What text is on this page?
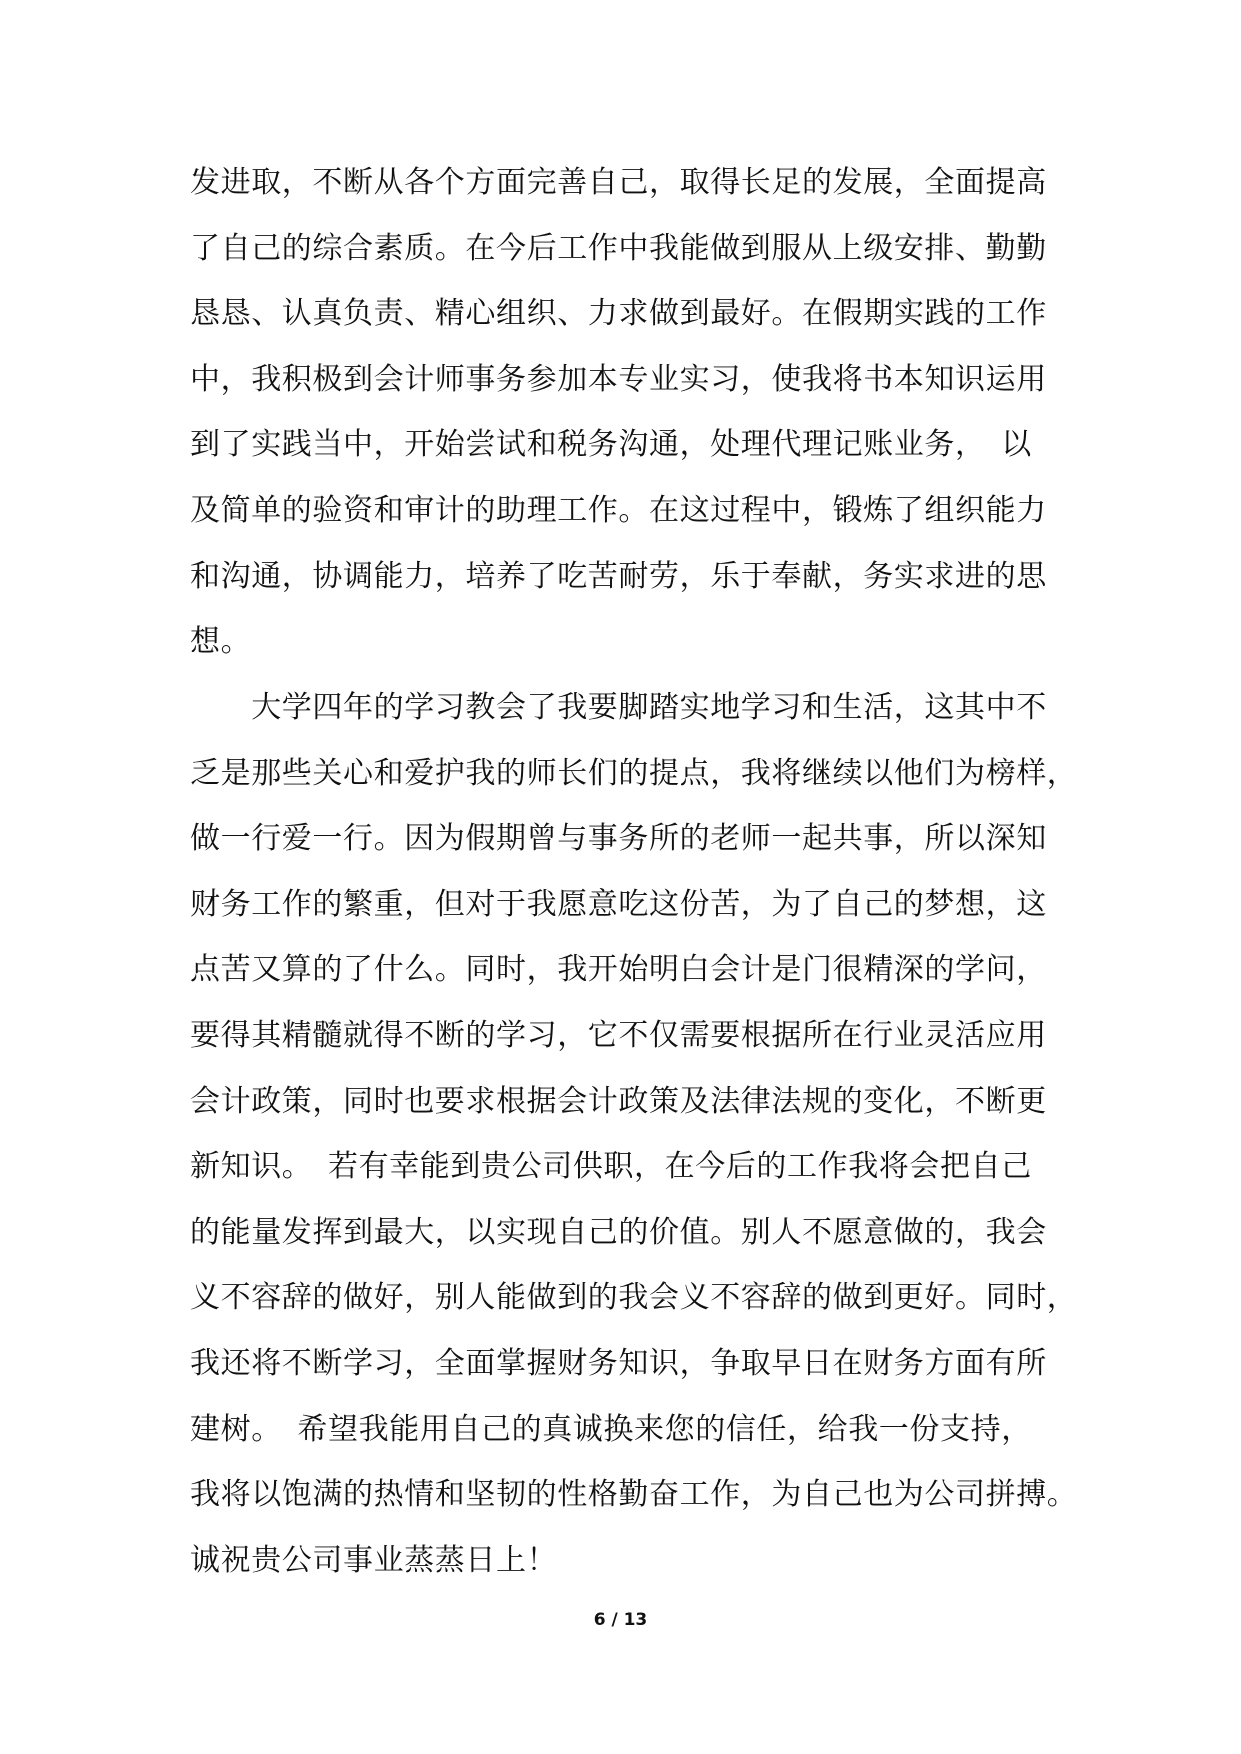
发进取，不断从各个方面完善自己，取得长足的发展，全面提高
了自己的综合素质。在今后工作中我能做到服从上级安排、勤勤
恳恳、认真负责、精心组织、力求做到最好。在假期实践的工作
中，我积极到会计师事务参加本专业实习，使我将书本知识运用
到了实践当中，开始尝试和税务沟通，处理代理记账业务，　以
及简单的验资和审计的助理工作。在这过程中，锻炼了组织能力
和沟通，协调能力，培养了吃苦耐劳，乐于奉献，务实求进的思
想。
　　大学四年的学习教会了我要脚踏实地学习和生活，这其中不
乏是那些关心和爱护我的师长们的提点，我将继续以他们为榜样，
做一行爱一行。因为假期曾与事务所的老师一起共事，所以深知
财务工作的繁重，但对于我愿意吃这份苦，为了自己的梦想，这
点苦又算的了什么。同时，我开始明白会计是门很精深的学问，
要得其精髓就得不断的学习，它不仅需要根据所在行业灵活应用
会计政策，同时也要求根据会计政策及法律法规的变化，不断更
新知识。　若有幸能到贵公司供职，在今后的工作我将会把自己
的能量发挥到最大，以实现自己的价值。别人不愿意做的，我会
义不容辞的做好，别人能做到的我会义不容辞的做到更好。同时，
我还将不断学习，全面掌握财务知识，争取早日在财务方面有所
建树。　希望我能用自己的真诚换来您的信任，给我一份支持，
我将以饱满的热情和坚韧的性格勤奋工作，为自己也为公司拼搏。
诚祝贵公司事业蒸蒸日上！
6 / 13
